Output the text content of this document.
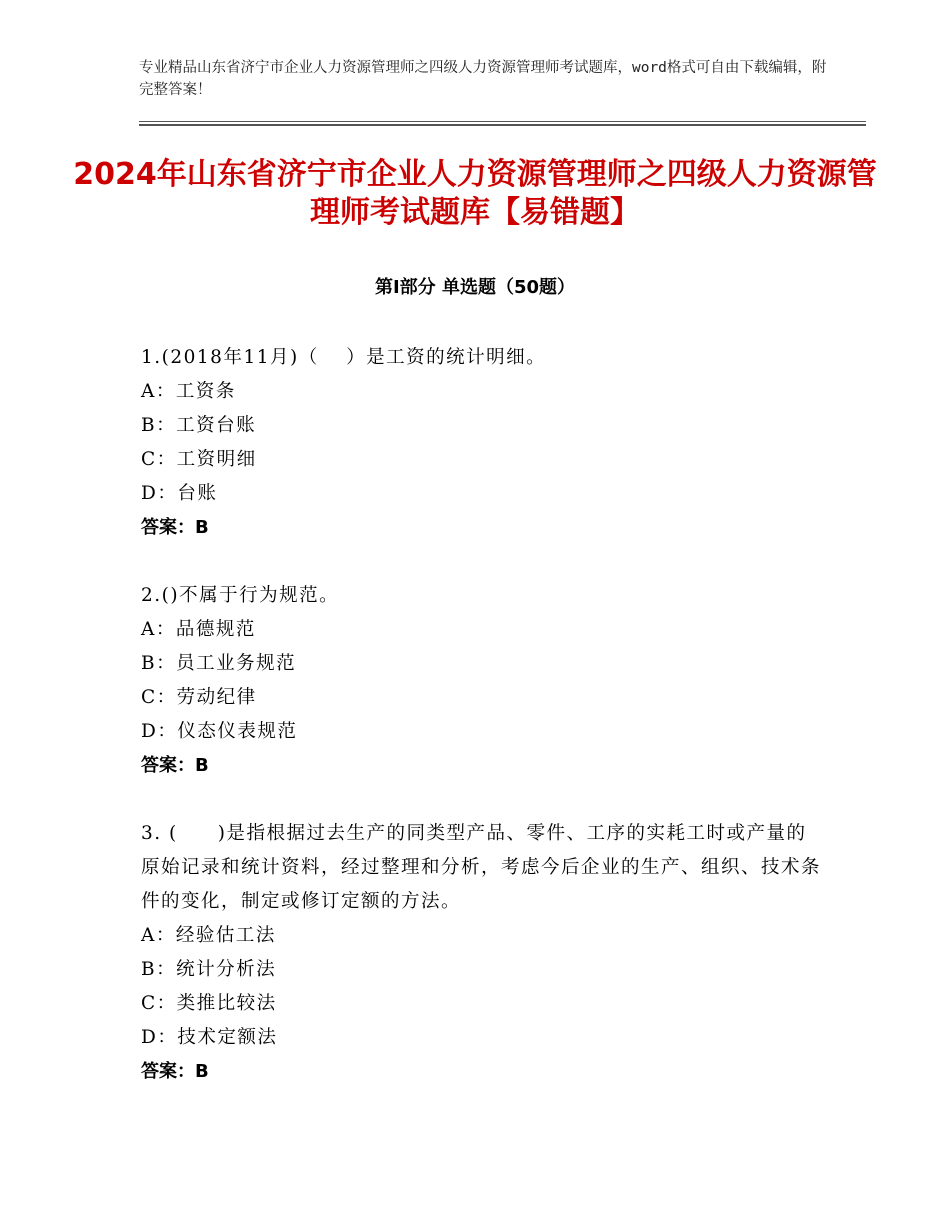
专业精品山东省济宁市企业人力资源管理师之四级人力资源管理师考试题库，word格式可自由下载编辑，附完整答案！
2024年山东省济宁市企业人力资源管理师之四级人力资源管理师考试题库【易错题】
第Ⅰ部分 单选题（50题）
1.(2018年11月)（　 ）是工资的统计明细。
A：工资条
B：工资台账
C：工资明细
D：台账
答案：B
2.()不属于行为规范。
A：品德规范
B：员工业务规范
C：劳动纪律
D：仪态仪表规范
答案：B
3. (　　)是指根据过去生产的同类型产品、零件、工序的实耗工时或产量的原始记录和统计资料，经过整理和分析，考虑今后企业的生产、组织、技术条件的变化，制定或修订定额的方法。
A：经验估工法
B：统计分析法
C：类推比较法
D：技术定额法
答案：B
